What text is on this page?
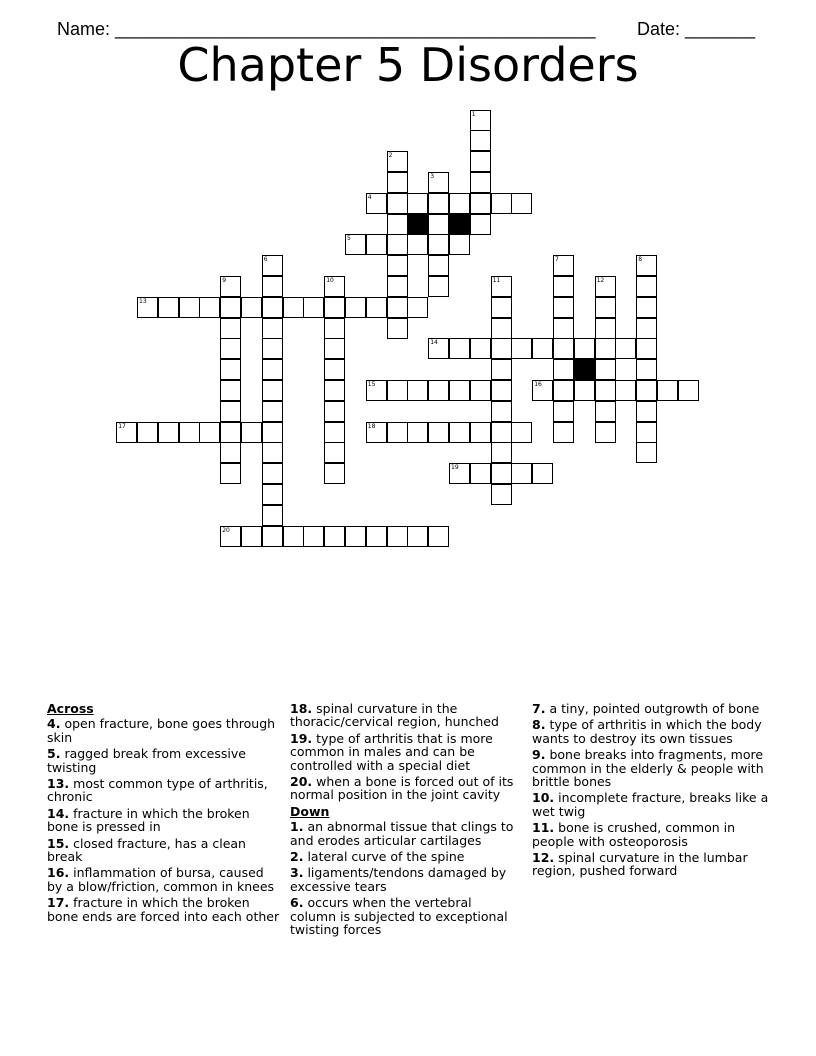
Name: ________________________________________________	Date: _______

Chapter 5 Disorders
1
2
3
4
5
6	7	8
9	10	11	12
13
14
15	16
17	18
19
20
Across

4. open fracture, bone goes through skin

5. ragged break from excessive twisting

13. most common type of arthritis, chronic

14. fracture in which the broken bone is pressed in

15. closed fracture, has a clean break

16. inflammation of bursa, caused by a blow/friction, common in knees

17. fracture in which the broken bone ends are forced into each other

18. spinal curvature in the thoracic/cervical region, hunched

19. type of arthritis that is more common in males and can be controlled with a special diet

20. when a bone is forced out of its normal position in the joint cavity

Down

1. an abnormal tissue that clings to and erodes articular cartilages

2. lateral curve of the spine

3. ligaments/tendons damaged by excessive tears

6. occurs when the vertebral column is subjected to exceptional twisting forces

7. a tiny, pointed outgrowth of bone

8. type of arthritis in which the body wants to destroy its own tissues

9. bone breaks into fragments, more common in the elderly & people with brittle bones

10. incomplete fracture, breaks like a wet twig

11. bone is crushed, common in people with osteoporosis

12. spinal curvature in the lumbar region, pushed forward
